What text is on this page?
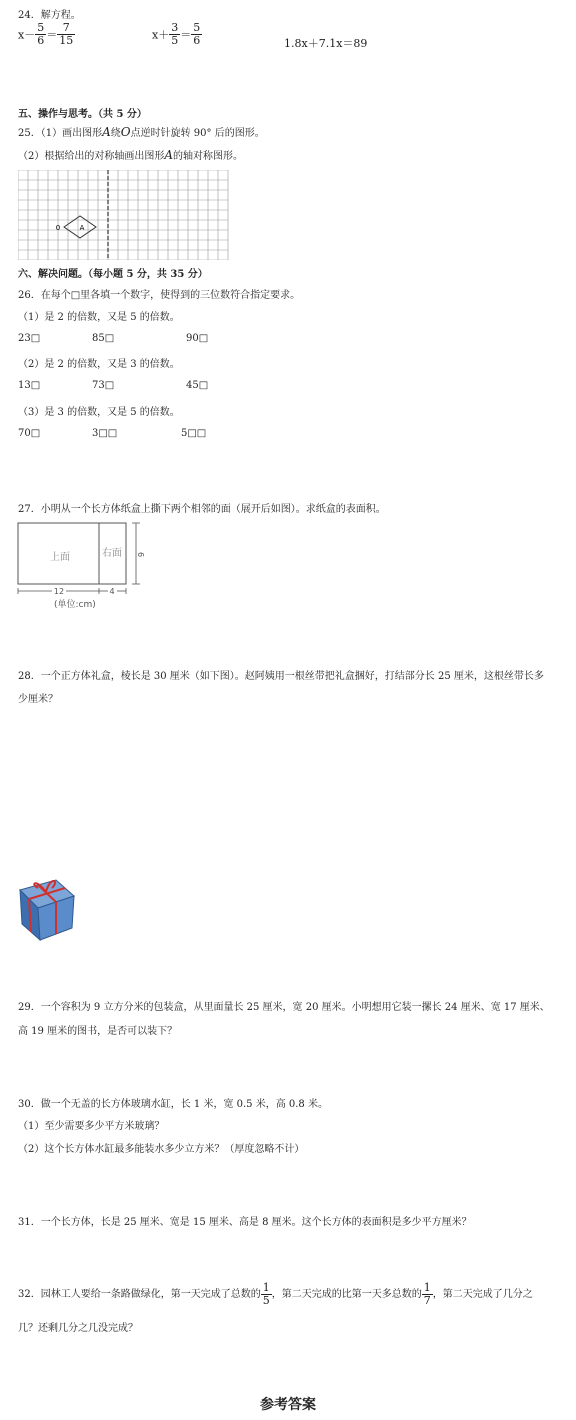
24．解方程。
$x- \frac{5}{6} = \frac{7}{15}$	$x+ \frac{3}{5} = \frac{5}{6}$	1.8x＋7.1x＝89
五、操作与思考。（共 5 分）
25．（1）画出图形A绕O点逆时针旋转 90° 后的图形。
（2）根据给出的对称轴画出图形A的轴对称图形。
A
0
六、解决问题。（每小题 5 分，共 35 分）
26．在每个□里各填一个数字，使得到的三位数符合指定要求。
（1）是 2 的倍数，又是 5 的倍数。
23□	85□	90□
（2）是 2 的倍数，又是 3 的倍数。
13□	73□	45□
（3）是 3 的倍数，又是 5 的倍数。
70□	3□□	5□□
27．小明从一个长方体纸盒上撕下两个相邻的面（展开后如图）。求纸盒的表面积。
上面	右面 6
12	4
(单位:cm)
28．一个正方体礼盒，棱长是 30 厘米（如下图）。赵阿姨用一根丝带把礼盒捆好，打结部分长 25 厘米，这根丝带长多
少厘米？
29．一个容积为 9 立方分米的包装盒，从里面量长 25 厘米，宽 20 厘米。小明想用它装一摞长 24 厘米、宽 17 厘米、
高 19 厘米的图书，是否可以装下？
30．做一个无盖的长方体玻璃水缸，长 1 米，宽 0.5 米，高 0.8 米。
（1）至少需要多少平方米玻璃？
（2）这个长方体水缸最多能装水多少立方米？（厚度忽略不计）
31．一个长方体，长是 25 厘米、宽是 15 厘米、高是 8 厘米。这个长方体的表面积是多少平方厘米？
32．园林工人要给一条路做绿化，第一天完成了总数的 $\frac{1}{5}$ ，第二天完成的比第一天多总数的 $\frac{1}{7}$ ，第二天完成了几分之
几？还剩几分之几没完成？
参考答案
